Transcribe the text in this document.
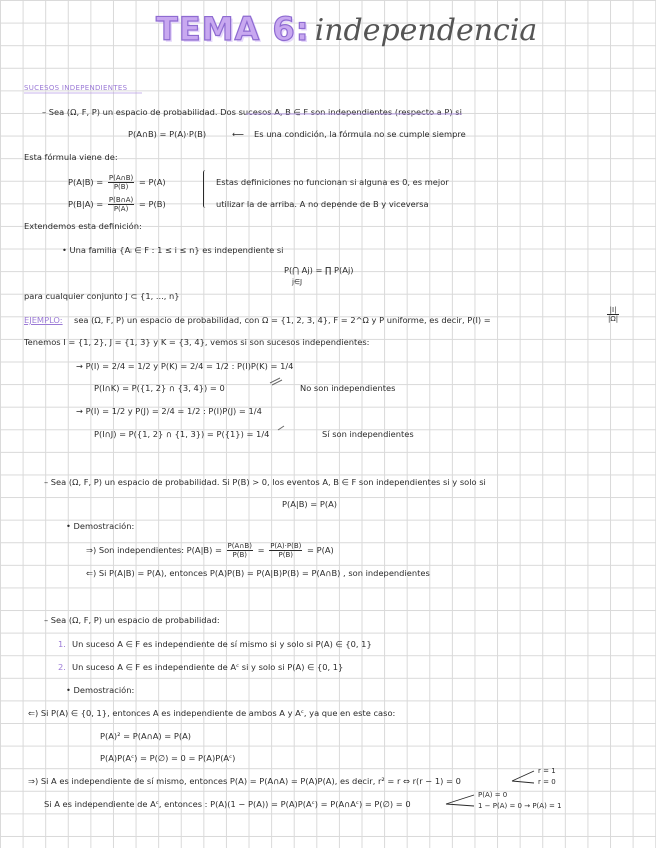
TEMA 6: independencia
SUCESOS INDEPENDIENTES
– Sea (Ω, F, P) un espacio de probabilidad. Dos sucesos A, B ∈ F son independientes (respecto a P) si
P(A∩B) = P(A)·P(B)	⟵ Es una condición, la fórmula no se cumple siempre
Esta fórmula viene de:
$P(A|B) = \frac{P(A\cap B)}{P(B)} = P(A)$
$P(B|A) = \frac{P(B\cap A)}{P(A)} = P(B)$
Estas definiciones no funcionan si alguna es 0, es mejor
utilizar la de arriba. A no depende de B y viceversa
Extendemos esta definición:
• Una familia {Aᵢ ∈ F : 1 ≤ i ≤ n} es independiente si
P(⋂ Aj) = ∏ P(Aj)
j∈J
para cualquier conjunto J ⊂ {1, ..., n}
EJEMPLO: sea (Ω, F, P) un espacio de probabilidad, con Ω = {1, 2, 3, 4}, F = 2^Ω y P uniforme, es decir, P(I) =	$\frac{|I|}{|\Omega|}$
Tenemos I = {1, 2}, J = {1, 3} y K = {3, 4}, vemos si son sucesos independientes:
→ P(I) = 2/4 = 1/2 y P(K) = 2/4 = 1/2 : P(I)P(K) = 1/4
P(I∩K) = P({1, 2} ∩ {3, 4}) = 0	No son independientes
→ P(I) = 1/2 y P(J) = 2/4 = 1/2 : P(I)P(J) = 1/4
P(I∩J) = P({1, 2} ∩ {1, 3}) = P({1}) = 1/4	Sí son independientes
– Sea (Ω, F, P) un espacio de probabilidad. Si P(B) > 0, los eventos A, B ∈ F son independientes si y solo si
P(A|B) = P(A)
• Demostración:
⇒) Son independientes: $P(A|B) = \frac{P(A\cap B)}{P(B)} = \frac{P(A)\cdot P(B)}{P(B)} = P(A)$
⇐) Si P(A|B) = P(A), entonces P(A)P(B) = P(A|B)P(B) = P(A∩B) , son independientes
– Sea (Ω, F, P) un espacio de probabilidad:
1. Un suceso A ∈ F es independiente de sí mismo si y solo si P(A) ∈ {0, 1}
2. Un suceso A ∈ F es independiente de Aᶜ si y solo si P(A) ∈ {0, 1}
• Demostración:
⇐) Si P(A) ∈ {0, 1}, entonces A es independiente de ambos A y Aᶜ, ya que en este caso:
P(A)² = P(A∩A) = P(A)
P(A)P(Aᶜ) = P(∅) = 0 = P(A)P(Aᶜ)
⇒) Si A es independiente de sí mismo, entonces P(A) = P(A∩A) = P(A)P(A), es decir, r² = r ⇔ r(r − 1) = 0
r = 1
r = 0
Si A es independiente de Aᶜ, entonces : P(A)(1 − P(A)) = P(A)P(Aᶜ) = P(A∩Aᶜ) = P(∅) = 0
P(A) = 0
1 − P(A) = 0 → P(A) = 1
